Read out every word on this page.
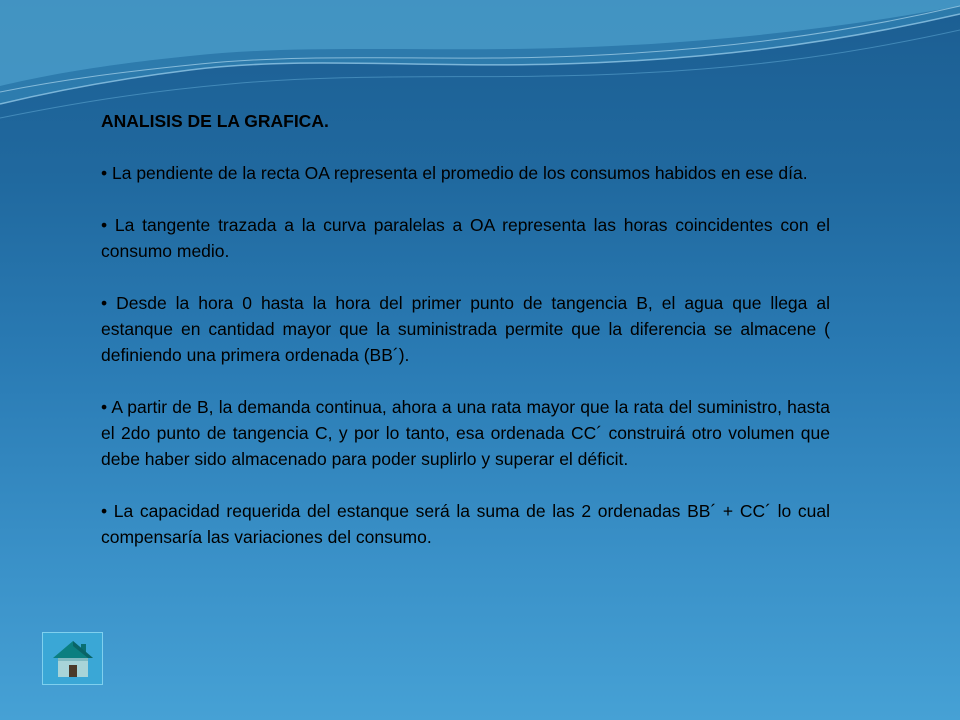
ANALISIS DE LA GRAFICA.

• La pendiente de la recta OA representa el promedio de los consumos habidos en ese día.

• La tangente trazada a la curva paralelas a OA representa las horas coincidentes con el consumo medio.

• Desde la hora 0 hasta la hora del primer punto de tangencia B, el agua que llega al estanque en cantidad mayor que la suministrada permite que la diferencia se almacene ( definiendo una primera ordenada (BB´).

• A partir de B, la demanda continua, ahora a una rata mayor que la rata del suministro, hasta el 2do punto de tangencia C, y por lo tanto, esa ordenada CC´ construirá otro volumen que debe haber sido almacenado para poder suplirlo y superar el déficit.

• La capacidad requerida del estanque será la suma de las 2 ordenadas BB´ + CC´ lo cual compensaría las variaciones del consumo.
